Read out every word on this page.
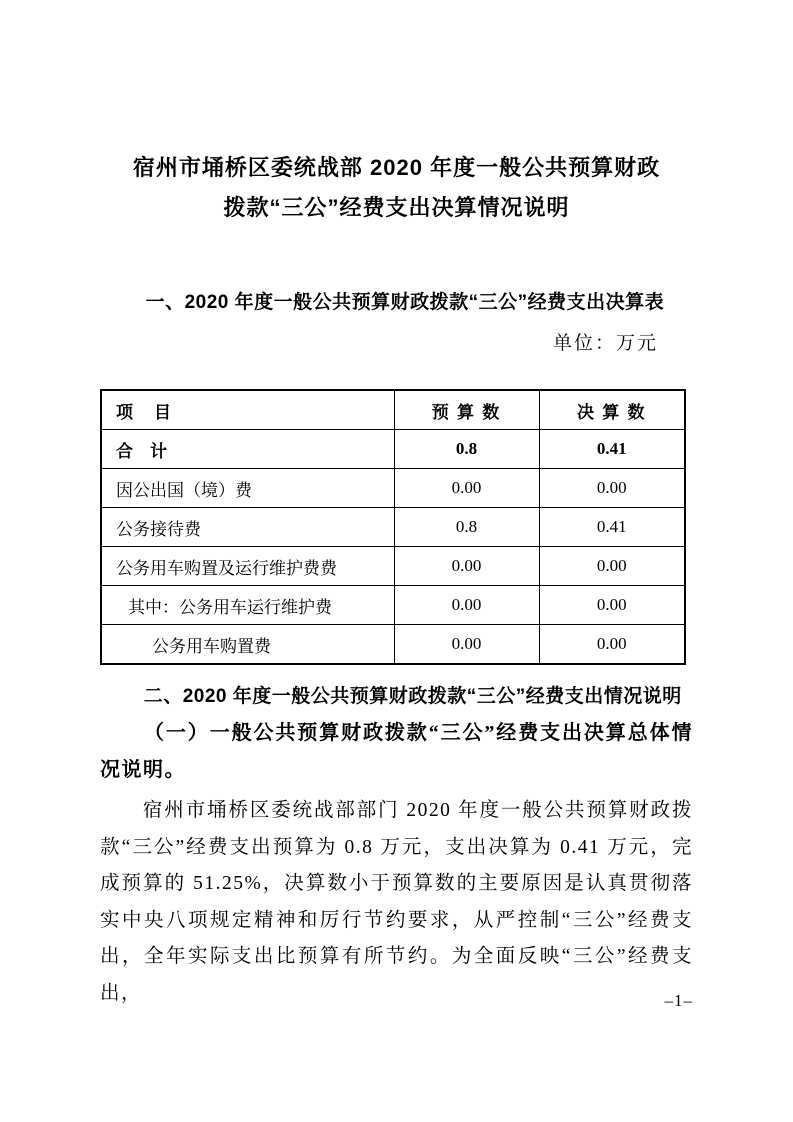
宿州市埇桥区委统战部 2020 年度一般公共预算财政
拨款“三公”经费支出决算情况说明

一、2020 年度一般公共预算财政拨款“三公”经费支出决算表

单位：万元

项　目	预 算 数	决 算 数
合　计	0.8	0.41
因公出国（境）费	0.00	0.00
公务接待费	0.8	0.41
公务用车购置及运行维护费费	0.00	0.00
其中：公务用车运行维护费	0.00	0.00
公务用车购置费	0.00	0.00

二、2020 年度一般公共预算财政拨款“三公”经费支出情况说明

（一）一般公共预算财政拨款“三公”经费支出决算总体情况说明。

宿州市埇桥区委统战部部门 2020 年度一般公共预算财政拨款“三公”经费支出预算为 0.8 万元，支出决算为 0.41 万元，完成预算的 51.25%，决算数小于预算数的主要原因是认真贯彻落实中央八项规定精神和厉行节约要求，从严控制“三公”经费支出，全年实际支出比预算有所节约。为全面反映“三公”经费支出，	–1–
